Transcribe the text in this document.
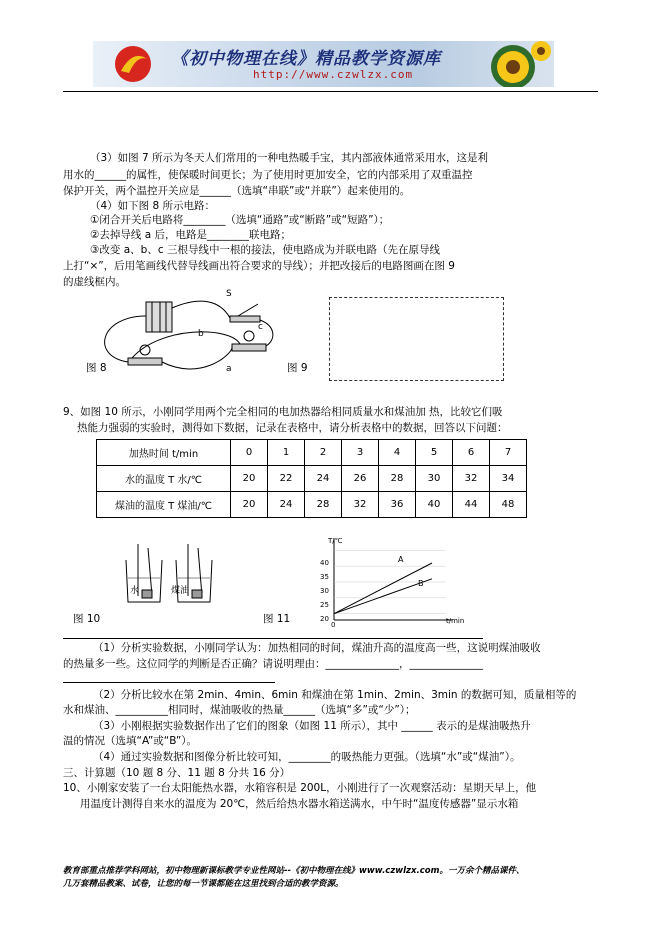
《初中物理在线》精品教学资源库
http://www.czwlzx.com
（3）如图 7 所示为冬天人们常用的一种电热暖手宝，其内部液体通常采用水，这是利
用水的______的属性，使保暖时间更长；为了使用时更加安全，它的内部采用了双重温控
保护开关，两个温控开关应是______（选填“串联”或“并联”）起来使用的。
（4）如下图 8 所示电路：
①闭合开关后电路将________（选填“通路”或“断路”或“短路”）；
②去掉导线 a 后，电路是________联电路；
③改变 a、b、c 三根导线中一根的接法，使电路成为并联电路（先在原导线
上打“×”，后用笔画线代替导线画出符合要求的导线）；并把改接后的电路图画在图 9
的虚线框内。
S
c
b
a
图 8	图 9
9、如图 10 所示，小刚同学用两个完全相同的电加热器给相同质量水和煤油加 热，比较它们吸
热能力强弱的实验时，测得如下数据，记录在表格中，请分析表格中的数据，回答以下问题：
加热时间 t/min	0	1	2	3	4	5	6	7
水的温度 T 水/℃	20	22	24	26	28	30	32	34
煤油的温度 T 煤油/℃	20	24	28	32	36	40	44	48
水	煤油
图 10
T/℃
t/min
40
35
30
25
20
0
A
B
图 11
（1）分析实验数据，小刚同学认为：加热相同的时间，煤油升高的温度高一些，这说明煤油吸收
的热量多一些。这位同学的判断是否正确？请说明理由：______________，______________
（2）分析比较水在第 2min、4min、6min 和煤油在第 1min、2min、3min 的数据可知，质量相等的
水和煤油、__________相同时，煤油吸收的热量______（选填“多”或“少”）；
（3）小刚根据实验数据作出了它们的图象（如图 11 所示），其中 ______ 表示的是煤油吸热升
温的情况（选填“A”或“B”）。
（4）通过实验数据和图像分析比较可知，________的吸热能力更强。（选填“水”或“煤油”）。
三、计算题（10 题 8 分、11 题 8 分共 16 分）
10、小刚家安装了一台太阳能热水器，水箱容积是 200L，小刚进行了一次观察活动：星期天早上，他
用温度计测得自来水的温度为 20℃，然后给热水器水箱送满水，中午时“温度传感器”显示水箱
教育部重点推荐学科网站，初中物理新课标教学专业性网站--《初中物理在线》www.czwlzx.com。一万余个精品课件、
几万套精品教案、试卷，让您的每一节课都能在这里找到合适的教学资源。
